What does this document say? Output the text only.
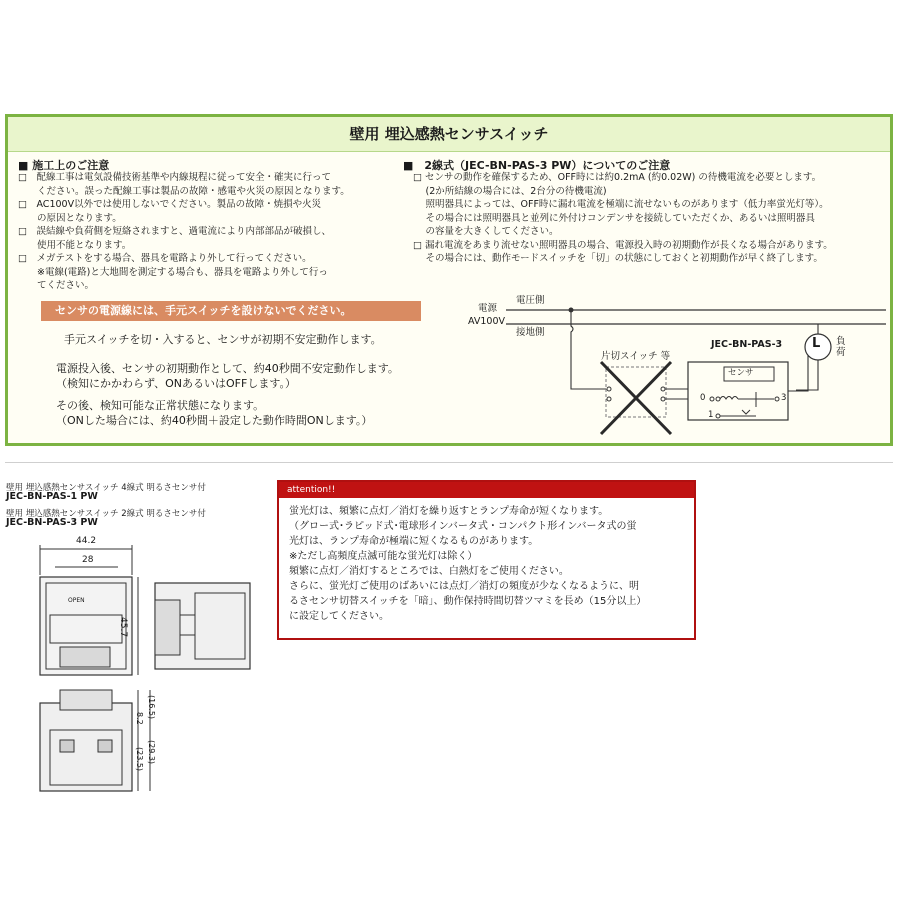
壁用 埋込感熱センサスイッチ
■ 施工上のご注意
□　配線工事は電気設備技術基準や内線規程に従って安全・確実に行って
　　ください。誤った配線工事は製品の故障・感電や火災の原因となります。
□　AC100V以外では使用しないでください。製品の故障・焼損や火災
　　の原因となります。
□　誤結線や負荷側を短絡されますと、過電流により内部部品が破損し、
　　使用不能となります。
□　メガテストをする場合、器具を電路より外して行ってください。
　　※電線(電路)と大地間を測定する場合も、器具を電路より外して行っ
　　てください。
■　2線式（JEC-BN-PAS-3 PW）についてのご注意
□ センサの動作を確保するため、OFF時には約0.2mA (約0.02W) の待機電流を必要とします。
　 (2か所結線の場合には、2台分の待機電流)
　 照明器具によっては、OFF時に漏れ電流を極端に流せないものがあります（低力率蛍光灯等）。
　 その場合には照明器具と並列に外付けコンデンサを接続していただくか、あるいは照明器具
　 の容量を大きくしてください。
□ 漏れ電流をあまり流せない照明器具の場合、電源投入時の初期動作が長くなる場合があります。
　 その場合には、動作モードスイッチを「切」の状態にしておくと初期動作が早く終了します。
センサの電源線には、手元スイッチを設けないでください。
手元スイッチを切・入すると、センサが初期不安定動作します。
電源投入後、センサの初期動作として、約40秒間不安定動作します。
（検知にかかわらず、ONあるいはOFFします。）
その後、検知可能な正常状態になります。
（ONした場合には、約40秒間＋設定した動作時間ONします。）
電源
AV100V
電圧側
接地側
片切スイッチ 等
JEC-BN-PAS-3
センサ
L 負荷
0
1
3
壁用 埋込感熱センサスイッチ 4線式 明るさセンサ付
JEC-BN-PAS-1 PW
壁用 埋込感熱センサスイッチ 2線式 明るさセンサ付
JEC-BN-PAS-3 PW
44.2
28
45.7
OPEN
8.2 (16.5)
(23.5) (29.3)
attention!!
蛍光灯は、頻繁に点灯／消灯を繰り返すとランプ寿命が短くなります。
（グロー式･ラピッド式･電球形インバータ式・コンパクト形インバータ式の蛍
光灯は、ランプ寿命が極端に短くなるものがあります。
※ただし高頻度点滅可能な蛍光灯は除く）
頻繁に点灯／消灯するところでは、白熱灯をご使用ください。
さらに、蛍光灯ご使用のばあいには点灯／消灯の頻度が少なくなるように、明
るさセンサ切替スイッチを「暗」、動作保持時間切替ツマミを長め（15分以上）
に設定してください。
